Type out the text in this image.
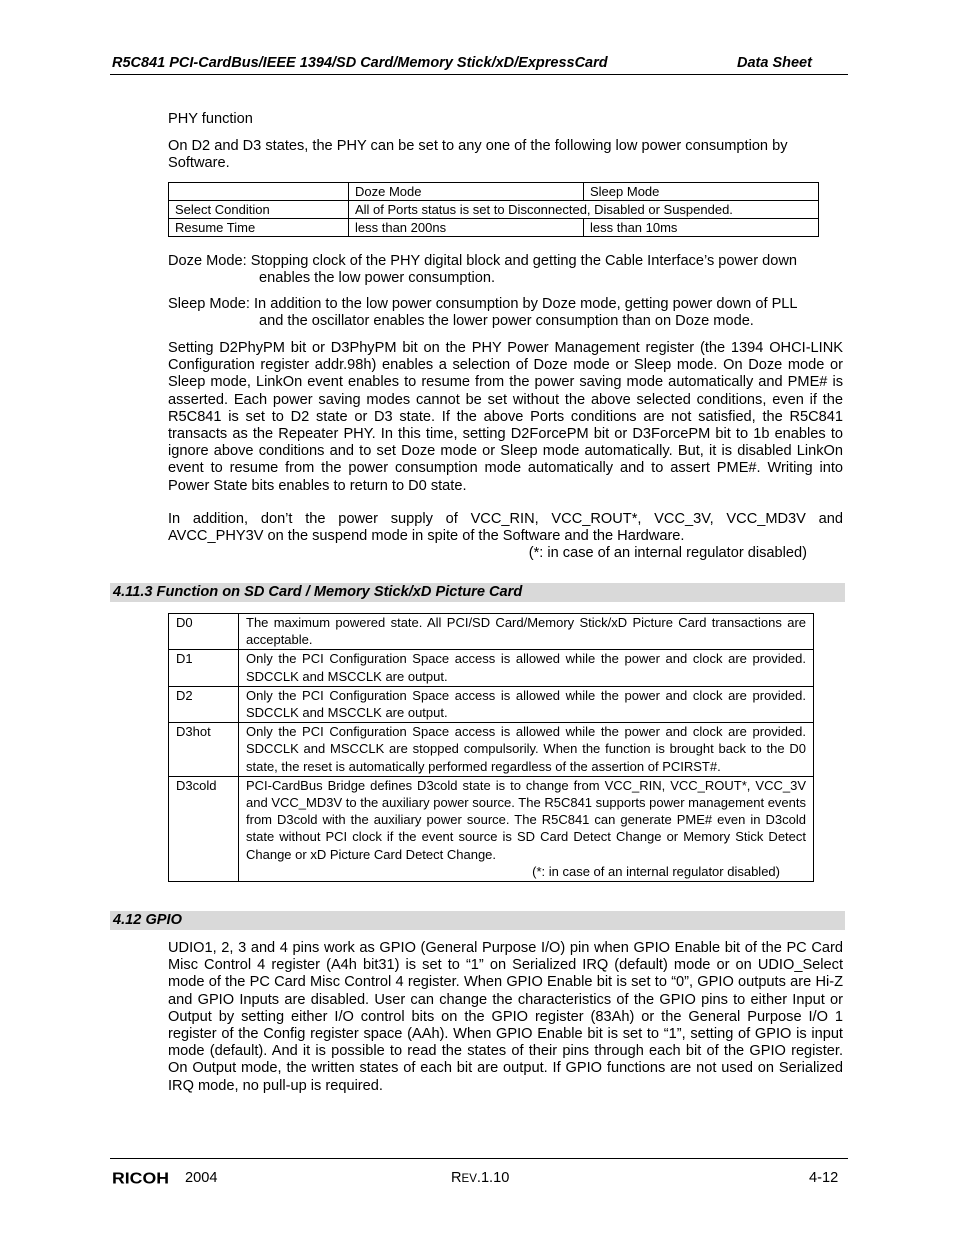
R5C841 PCI-CardBus/IEEE 1394/SD Card/Memory Stick/xD/ExpressCard	Data Sheet
PHY function
On D2 and D3 states, the PHY can be set to any one of the following low power consumption by Software.
	Doze Mode	Sleep Mode
Select Condition	All of Ports status is set to Disconnected, Disabled or Suspended.	
Resume Time	less than 200ns	less than 10ms
Doze Mode: Stopping clock of the PHY digital block and getting the Cable Interface’s power down
enables the low power consumption.
Sleep Mode: In addition to the low power consumption by Doze mode, getting power down of PLL
and the oscillator enables the lower power consumption than on Doze mode.
Setting D2PhyPM bit or D3PhyPM bit on the PHY Power Management register (the 1394 OHCI-LINK Configuration register addr.98h) enables a selection of Doze mode or Sleep mode. On Doze mode or Sleep mode, LinkOn event enables to resume from the power saving mode automatically and PME# is asserted. Each power saving modes cannot be set without the above selected conditions, even if the R5C841 is set to D2 state or D3 state. If the above Ports conditions are not satisfied, the R5C841 transacts as the Repeater PHY. In this time, setting D2ForcePM bit or D3ForcePM bit to 1b enables to ignore above conditions and to set Doze mode or Sleep mode automatically. But, it is disabled LinkOn event to resume from the power consumption mode automatically and to assert PME#. Writing into Power State bits enables to return to D0 state.
In addition, don’t the power supply of VCC_RIN, VCC_ROUT*, VCC_3V, VCC_MD3V and AVCC_PHY3V on the suspend mode in spite of the Software and the Hardware.
(*: in case of an internal regulator disabled)
4.11.3 Function on SD Card / Memory Stick/xD Picture Card
D0	The maximum powered state. All PCI/SD Card/Memory Stick/xD Picture Card transactions are acceptable.
D1	Only the PCI Configuration Space access is allowed while the power and clock are provided. SDCCLK and MSCCLK are output.
D2	Only the PCI Configuration Space access is allowed while the power and clock are provided. SDCCLK and MSCCLK are output.
D3hot	Only the PCI Configuration Space access is allowed while the power and clock are provided. SDCCLK and MSCCLK are stopped compulsorily. When the function is brought back to the D0 state, the reset is automatically performed regardless of the assertion of PCIRST#.
D3cold	PCI-CardBus Bridge defines D3cold state is to change from VCC_RIN, VCC_ROUT*, VCC_3V and VCC_MD3V to the auxiliary power source. The R5C841 supports power management events from D3cold with the auxiliary power source. The R5C841 can generate PME# even in D3cold state without PCI clock if the event source is SD Card Detect Change or Memory Stick Detect Change or xD Picture Card Detect Change.
(*: in case of an internal regulator disabled)
4.12 GPIO
UDIO1, 2, 3 and 4 pins work as GPIO (General Purpose I/O) pin when GPIO Enable bit of the PC Card Misc Control 4 register (A4h bit31) is set to “1” on Serialized IRQ (default) mode or on UDIO_Select mode of the PC Card Misc Control 4 register. When GPIO Enable bit is set to “0”, GPIO outputs are Hi-Z and GPIO Inputs are disabled. User can change the characteristics of the GPIO pins to either Input or Output by setting either I/O control bits on the GPIO register (83Ah) or the General Purpose I/O 1 register of the Config register space (AAh). When GPIO Enable bit is set to “1”, setting of GPIO is input mode (default). And it is possible to read the states of their pins through each bit of the GPIO register. On Output mode, the written states of each bit are output. If GPIO functions are not used on Serialized IRQ mode, no pull-up is required.
RICOH 2004	REV.1.10	4-12
